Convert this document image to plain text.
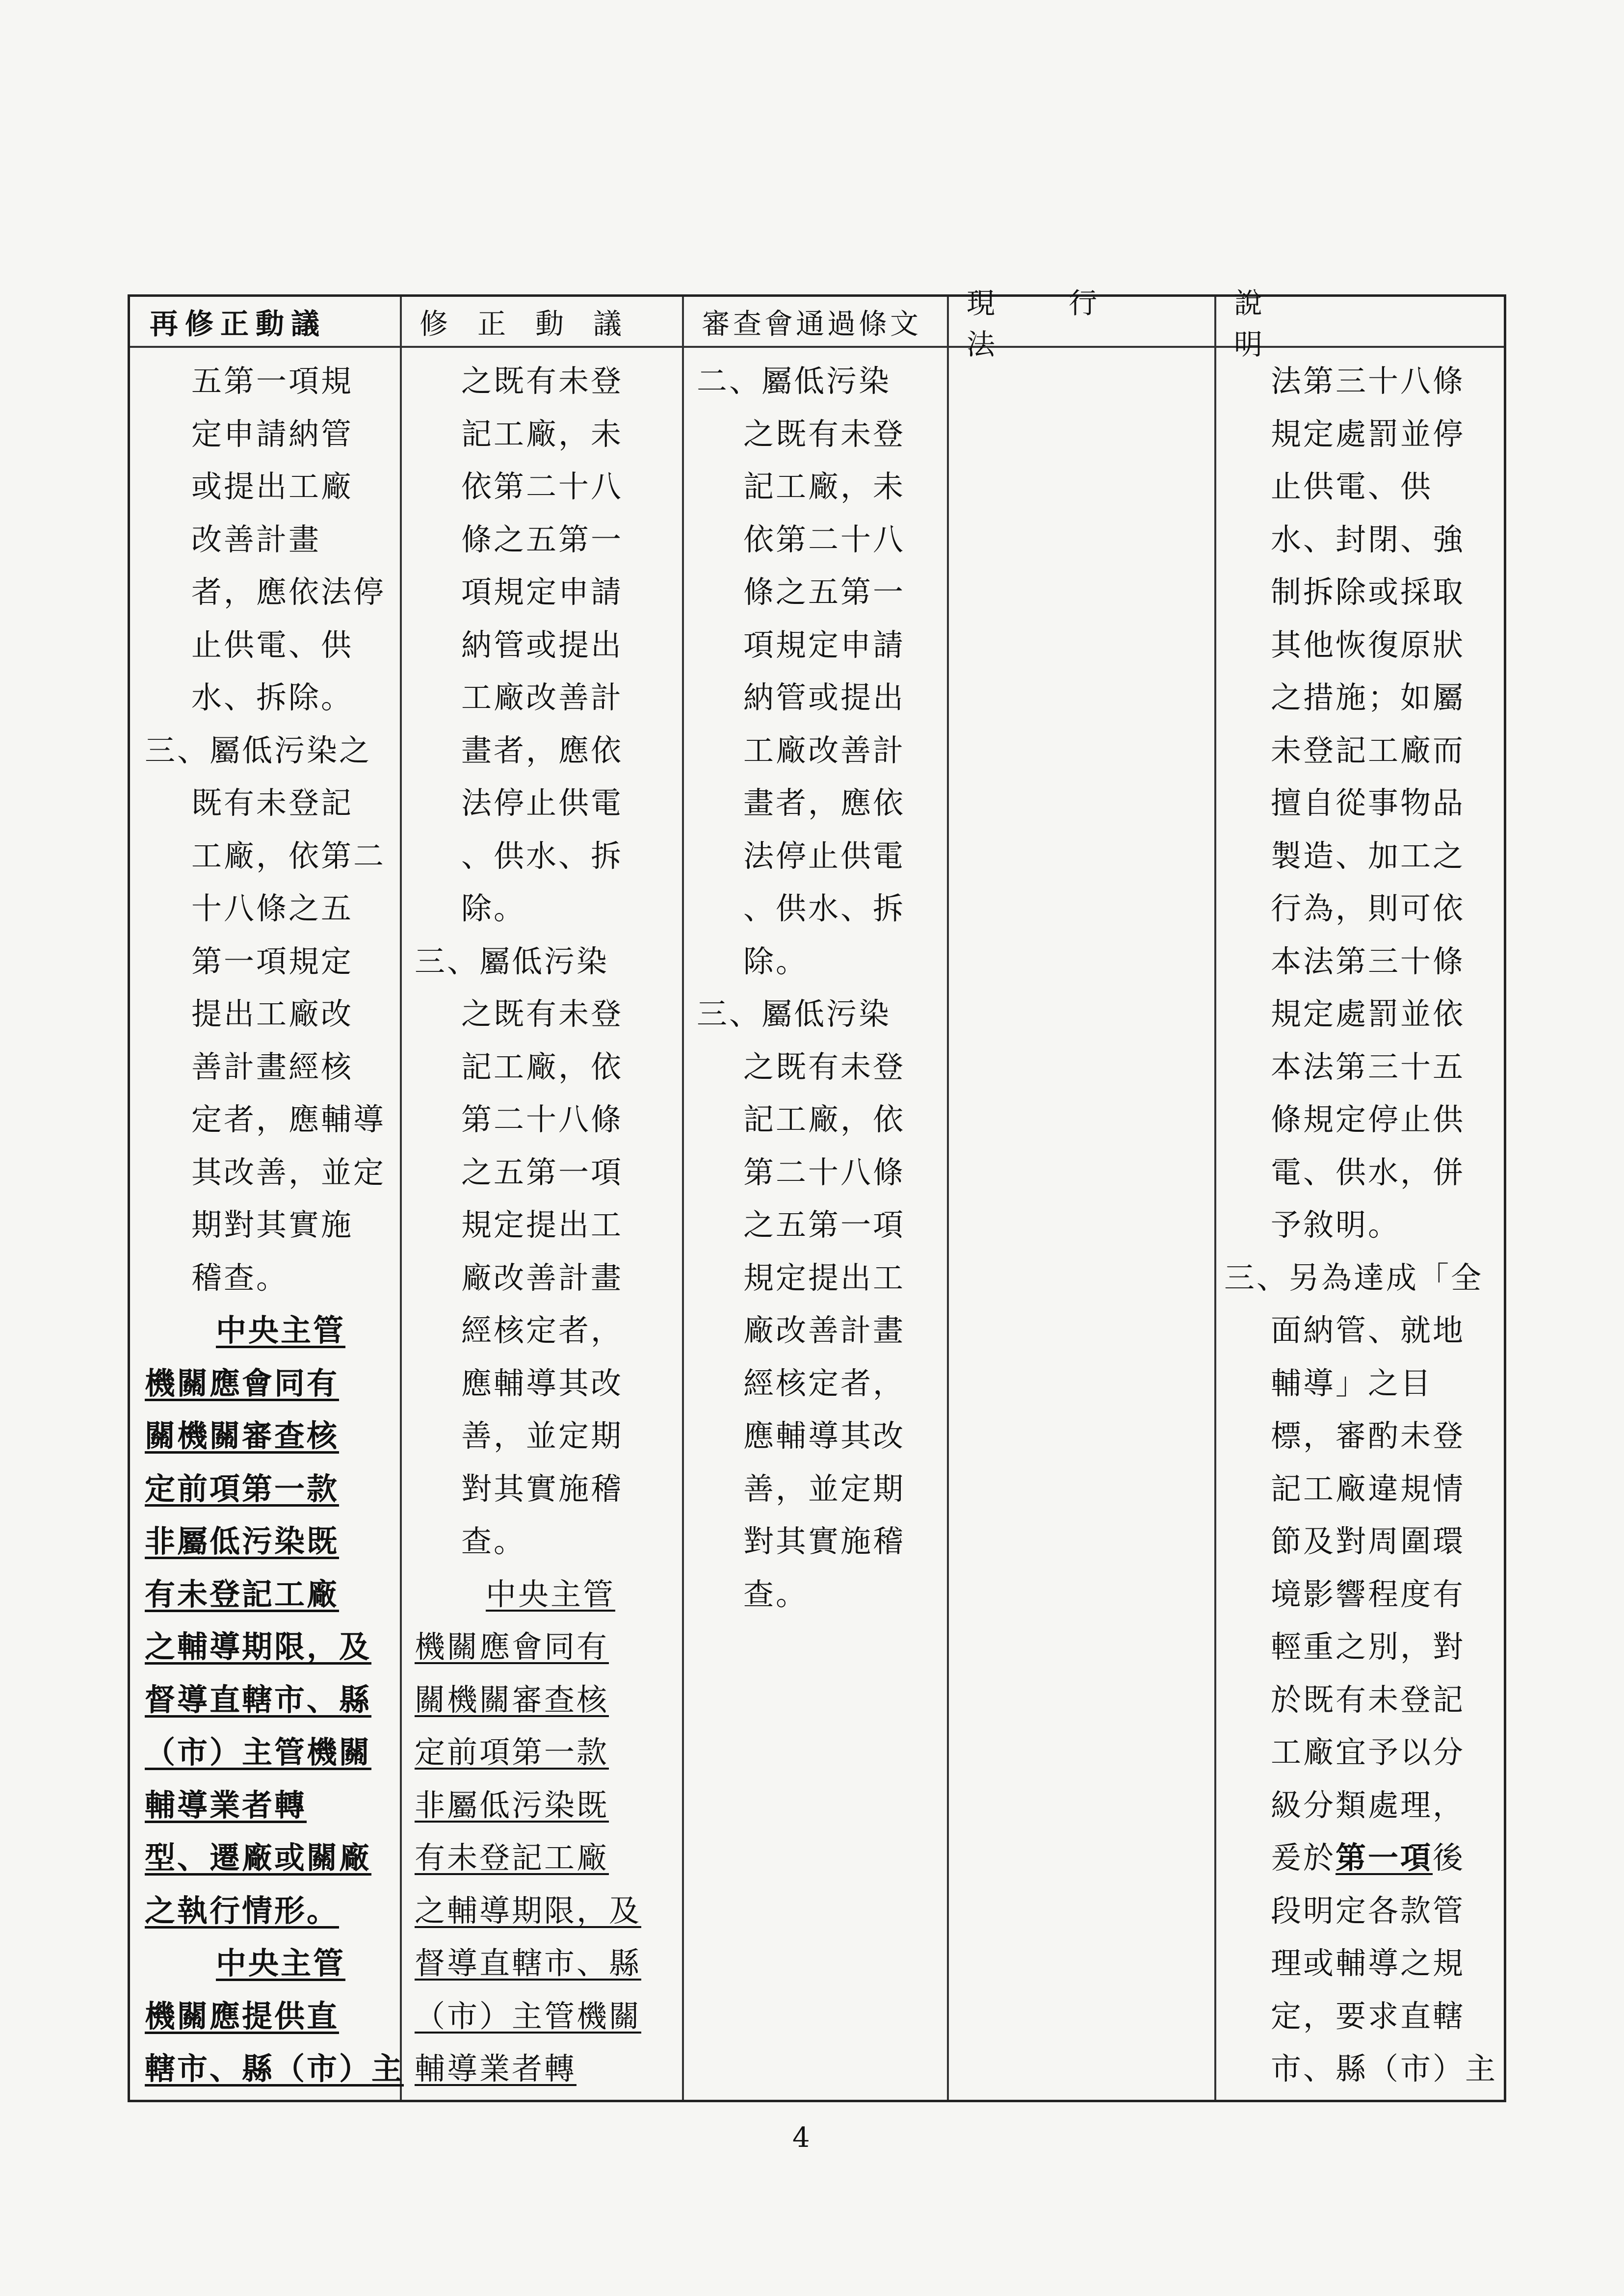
再修正動議	修正動議 審查會通過條文
現行法
說明
五第一項規
定申請納管
或提出工廠
改善計畫
者，應依法停
止供電、供
水、拆除。
三、屬低污染之
既有未登記
工廠，依第二
十八條之五
第一項規定
提出工廠改
善計畫經核
定者，應輔導
其改善，並定
期對其實施
稽查。
中央主管
機關應會同有
關機關審查核
定前項第一款
非屬低污染既
有未登記工廠
之輔導期限，及
督導直轄市、縣
（市）主管機關
輔導業者轉
型、遷廠或關廠
之執行情形。
中央主管
機關應提供直
轄市、縣（市）主
之既有未登
記工廠，未
依第二十八
條之五第一
項規定申請
納管或提出
工廠改善計
畫者，應依
法停止供電
、供水、拆
除。
三、屬低污染
之既有未登
記工廠，依
第二十八條
之五第一項
規定提出工
廠改善計畫
經核定者，
應輔導其改
善，並定期
對其實施稽
查。
中央主管
機關應會同有
關機關審查核
定前項第一款
非屬低污染既
有未登記工廠
之輔導期限，及
督導直轄市、縣
（市）主管機關
輔導業者轉
二、屬低污染
之既有未登
記工廠，未
依第二十八
條之五第一
項規定申請
納管或提出
工廠改善計
畫者，應依
法停止供電
、供水、拆
除。
三、屬低污染
之既有未登
記工廠，依
第二十八條
之五第一項
規定提出工
廠改善計畫
經核定者，
應輔導其改
善，並定期
對其實施稽
查。
法第三十八條
規定處罰並停
止供電、供
水、封閉、強
制拆除或採取
其他恢復原狀
之措施；如屬
未登記工廠而
擅自從事物品
製造、加工之
行為，則可依
本法第三十條
規定處罰並依
本法第三十五
條規定停止供
電、供水，併
予敘明。
三、另為達成「全
面納管、就地
輔導」之目
標，審酌未登
記工廠違規情
節及對周圍環
境影響程度有
輕重之別，對
於既有未登記
工廠宜予以分
級分類處理，
爰於第一項後
段明定各款管
理或輔導之規
定，要求直轄
市、縣（市）主
4
